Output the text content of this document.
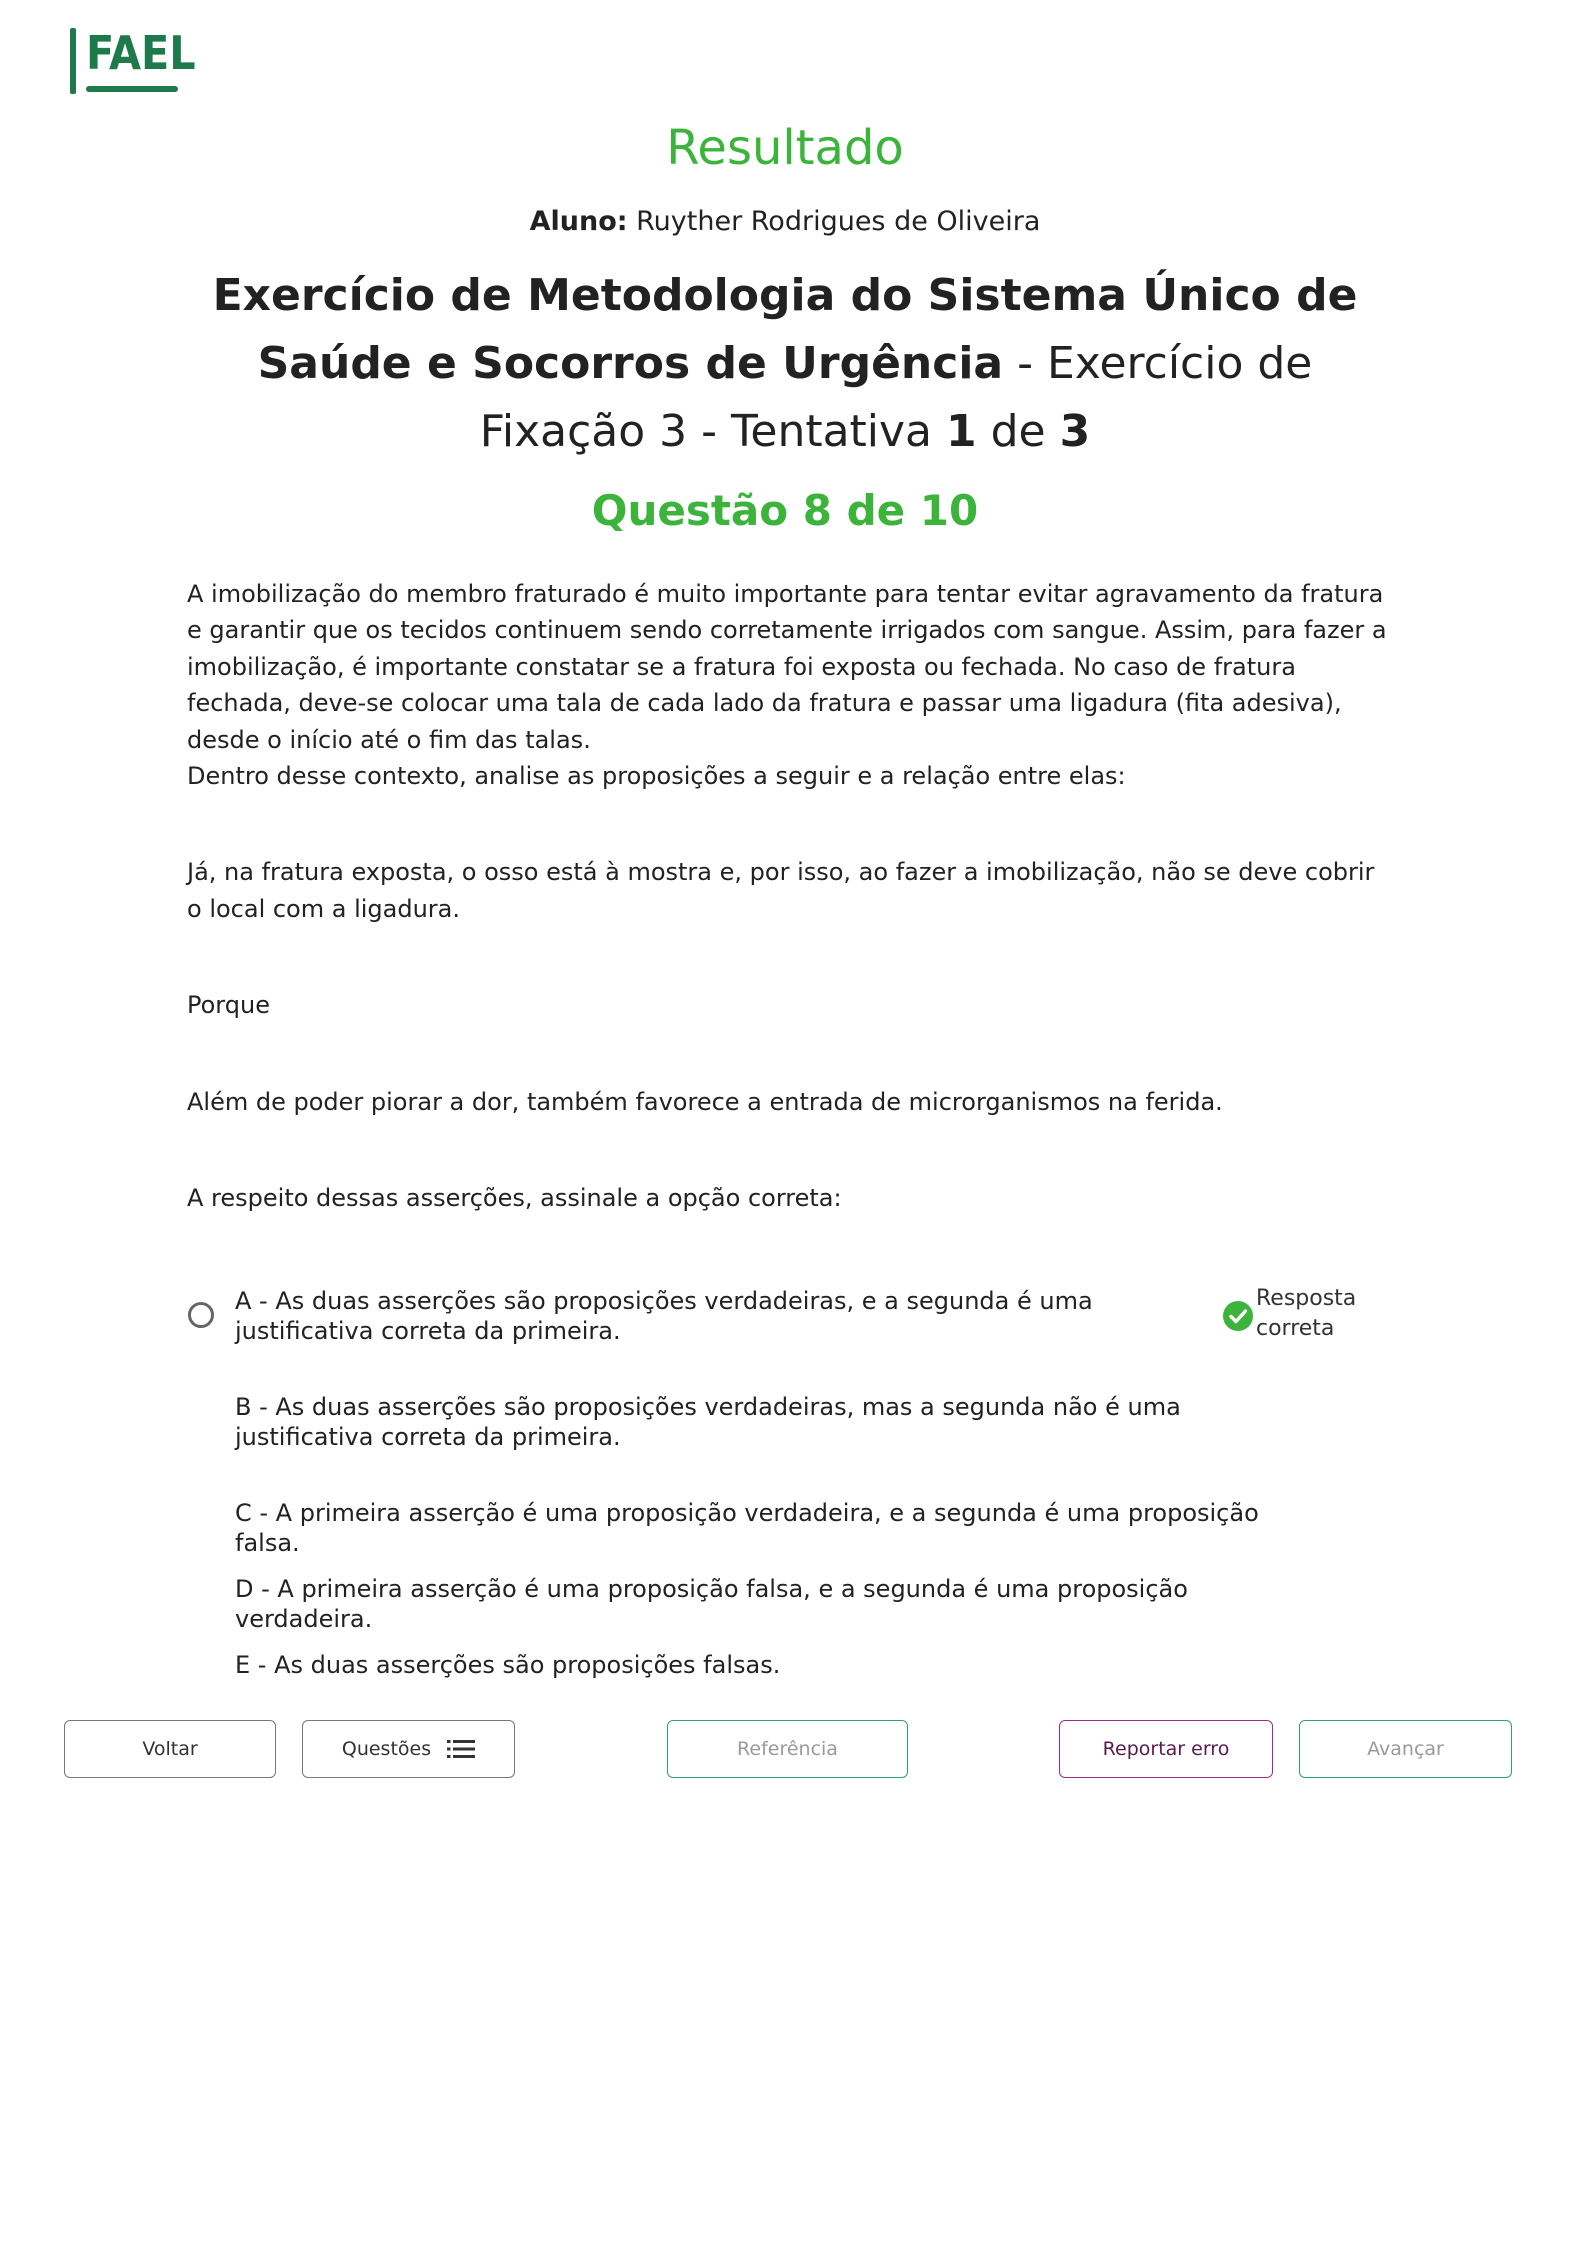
FAEL
Resultado
Aluno: Ruyther Rodrigues de Oliveira
Exercício de Metodologia do Sistema Único de Saúde e Socorros de Urgência - Exercício de Fixação 3 - Tentativa 1 de 3
Questão 8 de 10

A imobilização do membro fraturado é muito importante para tentar evitar agravamento da fratura e garantir que os tecidos continuem sendo corretamente irrigados com sangue. Assim, para fazer a imobilização, é importante constatar se a fratura foi exposta ou fechada. No caso de fratura fechada, deve-se colocar uma tala de cada lado da fratura e passar uma ligadura (fita adesiva), desde o início até o fim das talas.

Dentro desse contexto, analise as proposições a seguir e a relação entre elas:

Já, na fratura exposta, o osso está à mostra e, por isso, ao fazer a imobilização, não se deve cobrir o local com a ligadura.

Porque

Além de poder piorar a dor, também favorece a entrada de microrganismos na ferida.

A respeito dessas asserções, assinale a opção correta:

A - As duas asserções são proposições verdadeiras, e a segunda é uma justificativa correta da primeira.
Resposta
correta
B - As duas asserções são proposições verdadeiras, mas a segunda não é uma justificativa correta da primeira.
C - A primeira asserção é uma proposição verdadeira, e a segunda é uma proposição falsa.
D - A primeira asserção é uma proposição falsa, e a segunda é uma proposição verdadeira.
E - As duas asserções são proposições falsas.
Voltar	Questões	Referência	Reportar erro	Avançar
